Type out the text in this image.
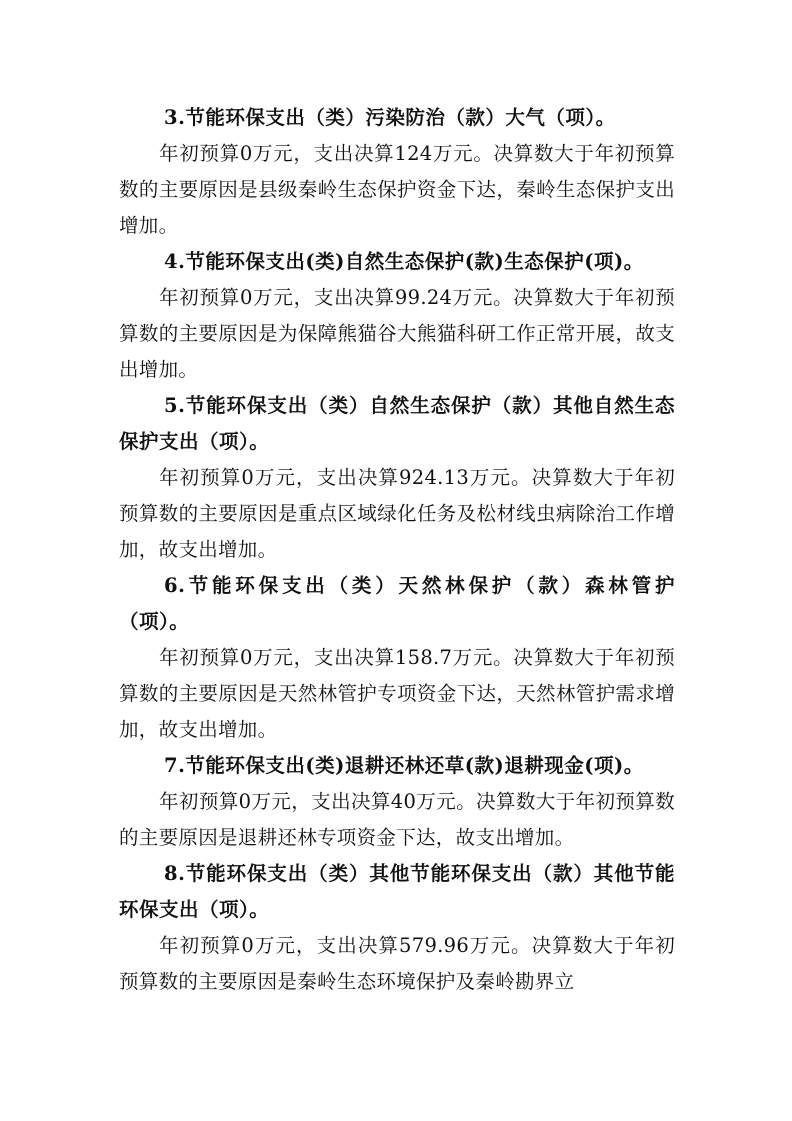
3.节能环保支出（类）污染防治（款）大气（项）。

年初预算0万元，支出决算124万元。决算数大于年初预算数的主要原因是县级秦岭生态保护资金下达，秦岭生态保护支出增加。

4.节能环保支出(类)自然生态保护(款)生态保护(项)。

年初预算0万元，支出决算99.24万元。决算数大于年初预算数的主要原因是为保障熊猫谷大熊猫科研工作正常开展，故支出增加。

5.节能环保支出（类）自然生态保护（款）其他自然生态保护支出（项）。

年初预算0万元，支出决算924.13万元。决算数大于年初预算数的主要原因是重点区域绿化任务及松材线虫病除治工作增加，故支出增加。

6.节能环保支出（类）天然林保护（款）森林管护（项）。

年初预算0万元，支出决算158.7万元。决算数大于年初预算数的主要原因是天然林管护专项资金下达，天然林管护需求增加，故支出增加。

7.节能环保支出(类)退耕还林还草(款)退耕现金(项)。

年初预算0万元，支出决算40万元。决算数大于年初预算数的主要原因是退耕还林专项资金下达，故支出增加。

8.节能环保支出（类）其他节能环保支出（款）其他节能环保支出（项）。

年初预算0万元，支出决算579.96万元。决算数大于年初预算数的主要原因是秦岭生态环境保护及秦岭勘界立
